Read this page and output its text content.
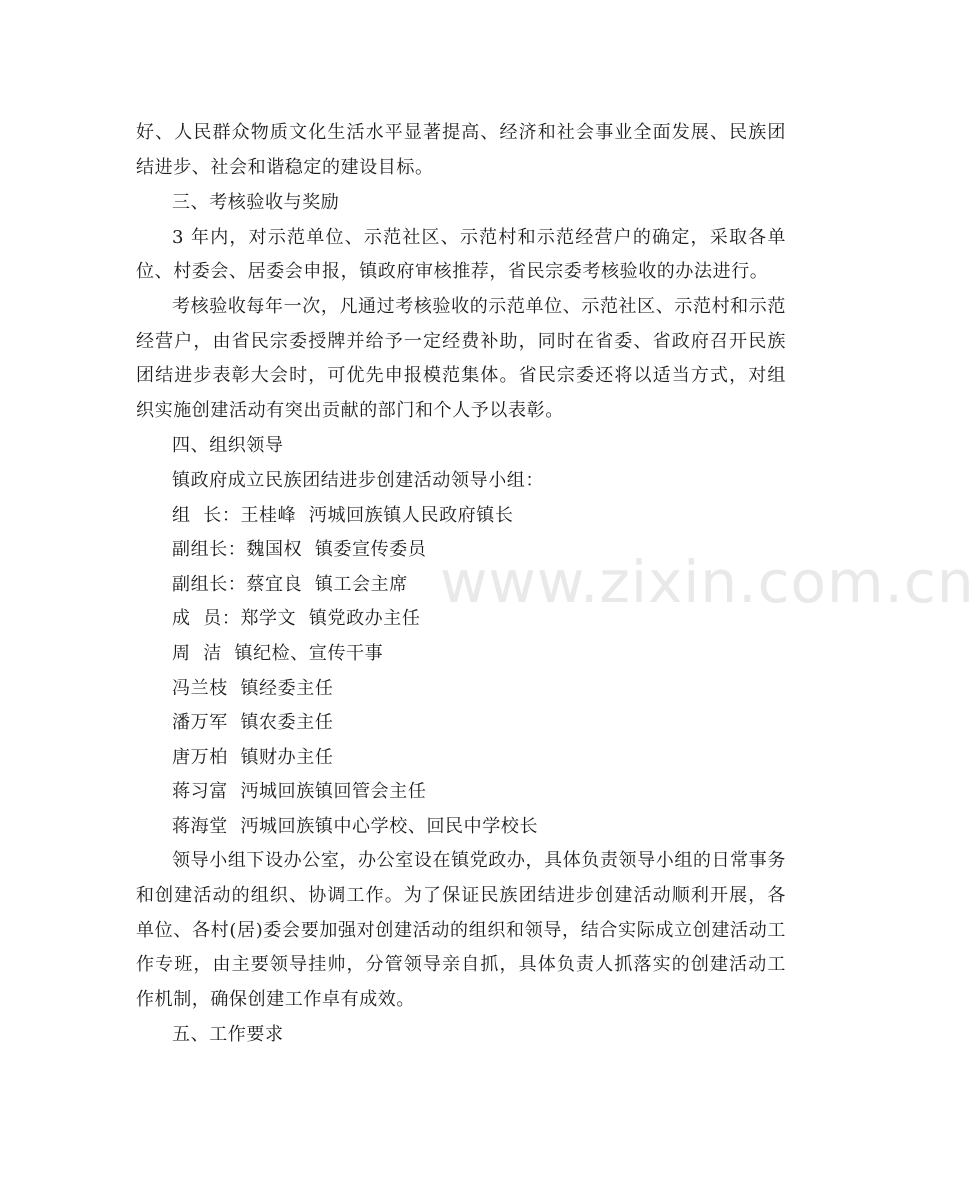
好、人民群众物质文化生活水平显著提高、经济和社会事业全面发展、民族团结进步、社会和谐稳定的建设目标。

三、考核验收与奖励

3 年内，对示范单位、示范社区、示范村和示范经营户的确定，采取各单位、村委会、居委会申报，镇政府审核推荐，省民宗委考核验收的办法进行。

考核验收每年一次，凡通过考核验收的示范单位、示范社区、示范村和示范经营户，由省民宗委授牌并给予一定经费补助，同时在省委、省政府召开民族团结进步表彰大会时，可优先申报模范集体。省民宗委还将以适当方式，对组织实施创建活动有突出贡献的部门和个人予以表彰。

四、组织领导

镇政府成立民族团结进步创建活动领导小组：

组  长：王桂峰  沔城回族镇人民政府镇长

副组长：魏国权  镇委宣传委员

副组长：蔡宜良  镇工会主席

成  员：郑学文  镇党政办主任

周  洁  镇纪检、宣传干事

冯兰枝  镇经委主任

潘万军  镇农委主任

唐万柏  镇财办主任

蒋习富  沔城回族镇回管会主任

蒋海堂  沔城回族镇中心学校、回民中学校长

领导小组下设办公室，办公室设在镇党政办，具体负责领导小组的日常事务和创建活动的组织、协调工作。为了保证民族团结进步创建活动顺利开展，各单位、各村(居)委会要加强对创建活动的组织和领导，结合实际成立创建活动工作专班，由主要领导挂帅，分管领导亲自抓，具体负责人抓落实的创建活动工作机制，确保创建工作卓有成效。

五、工作要求

www.zixin.com.cn
